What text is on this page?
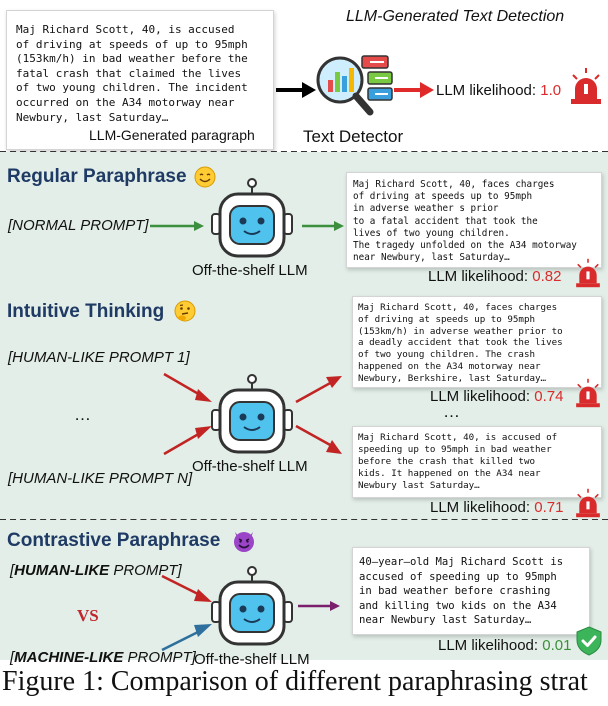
LLM-Generated Text Detection

Maj Richard Scott, 40, is accused
of driving at speeds of up to 95mph
(153km/h) in bad weather before the
fatal crash that claimed the lives
of two young children. The incident
occurred on the A34 motorway near
Newbury, last Saturday…

LLM-Generated paragraph	Text Detector
LLM likelihood: 1.0
Regular Paraphrase
[NORMAL PROMPT]
Off-the-shelf LLM

Maj Richard Scott, 40, faces charges
of driving at speeds up to 95mph
in adverse weather s prior
to a fatal accident that took the
lives of two young children.
The tragedy unfolded on the A34 motorway
near Newbury, last Saturday…

LLM likelihood: 0.82
Intuitive Thinking
[HUMAN-LIKE PROMPT 1]
…
[HUMAN-LIKE PROMPT N]
Off-the-shelf LLM

Maj Richard Scott, 40, faces charges
of driving at speeds up to 95mph
(153km/h) in adverse weather prior to
a deadly accident that took the lives
of two young children. The crash
happened on the A34 motorway near
Newbury, Berkshire, last Saturday…

LLM likelihood: 0.74
…

Maj Richard Scott, 40, is accused of
speeding up to 95mph in bad weather
before the crash that killed two
kids. It happened on the A34 near
Newbury last Saturday…

LLM likelihood: 0.71
Contrastive Paraphrase
[HUMAN-LIKE PROMPT]
VS
[MACHINE-LIKE PROMPT]
Off-the-shelf LLM

40–year–old Maj Richard Scott is
accused of speeding up to 95mph
in bad weather before crashing
and killing two kids on the A34
near Newbury last Saturday…

LLM likelihood: 0.01
Figure 1: Comparison of different paraphrasing strat
